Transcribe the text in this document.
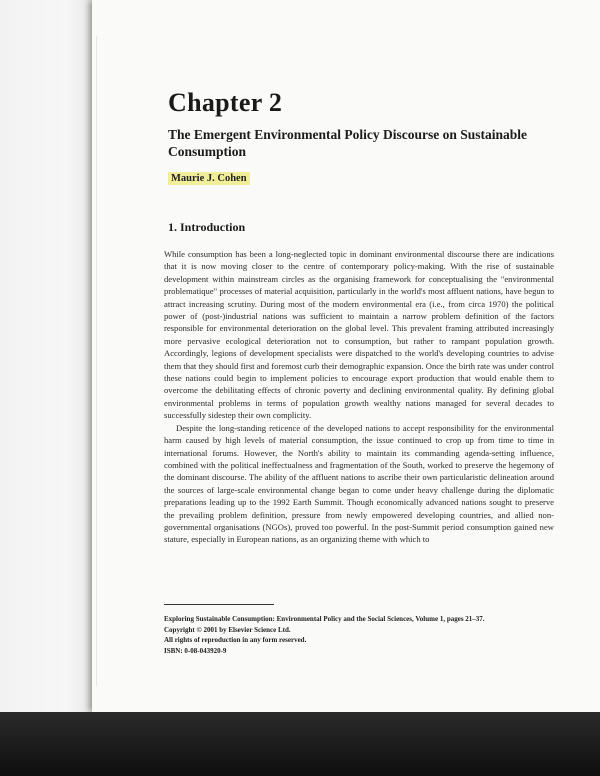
Chapter 2
The Emergent Environmental Policy Discourse on Sustainable Consumption
Maurie J. Cohen
1. Introduction

While consumption has been a long-neglected topic in dominant environmental discourse there are indications that it is now moving closer to the centre of contemporary policy-making. With the rise of sustainable development within mainstream circles as the organising framework for conceptualising the "environmental problematique" processes of material acquisition, particularly in the world's most affluent nations, have begun to attract increasing scrutiny. During most of the modern environmental era (i.e., from circa 1970) the political power of (post-)industrial nations was sufficient to maintain a narrow problem definition of the factors responsible for environmental deterioration on the global level. This prevalent framing attributed increasingly more pervasive ecological deterioration not to consumption, but rather to rampant population growth. Accordingly, legions of development specialists were dispatched to the world's developing countries to advise them that they should first and foremost curb their demographic expansion. Once the birth rate was under control these nations could begin to implement policies to encourage export production that would enable them to overcome the debilitating effects of chronic poverty and declining environmental quality. By defining global environmental problems in terms of population growth wealthy nations managed for several decades to successfully sidestep their own complicity.

Despite the long-standing reticence of the developed nations to accept responsibility for the environmental harm caused by high levels of material consumption, the issue continued to crop up from time to time in international forums. However, the North's ability to maintain its commanding agenda-setting influence, combined with the political ineffectualness and fragmentation of the South, worked to preserve the hegemony of the dominant discourse. The ability of the affluent nations to ascribe their own particularistic delineation around the sources of large-scale environmental change began to come under heavy challenge during the diplomatic preparations leading up to the 1992 Earth Summit. Though economically advanced nations sought to preserve the prevailing problem definition, pressure from newly empowered developing countries, and allied non-governmental organisations (NGOs), proved too powerful. In the post-Summit period consumption gained new stature, especially in European nations, as an organizing theme with which to

Exploring Sustainable Consumption: Environmental Policy and the Social Sciences, Volume 1, pages 21–37.
Copyright © 2001 by Elsevier Science Ltd.
All rights of reproduction in any form reserved.
ISBN: 0-08-043920-9
